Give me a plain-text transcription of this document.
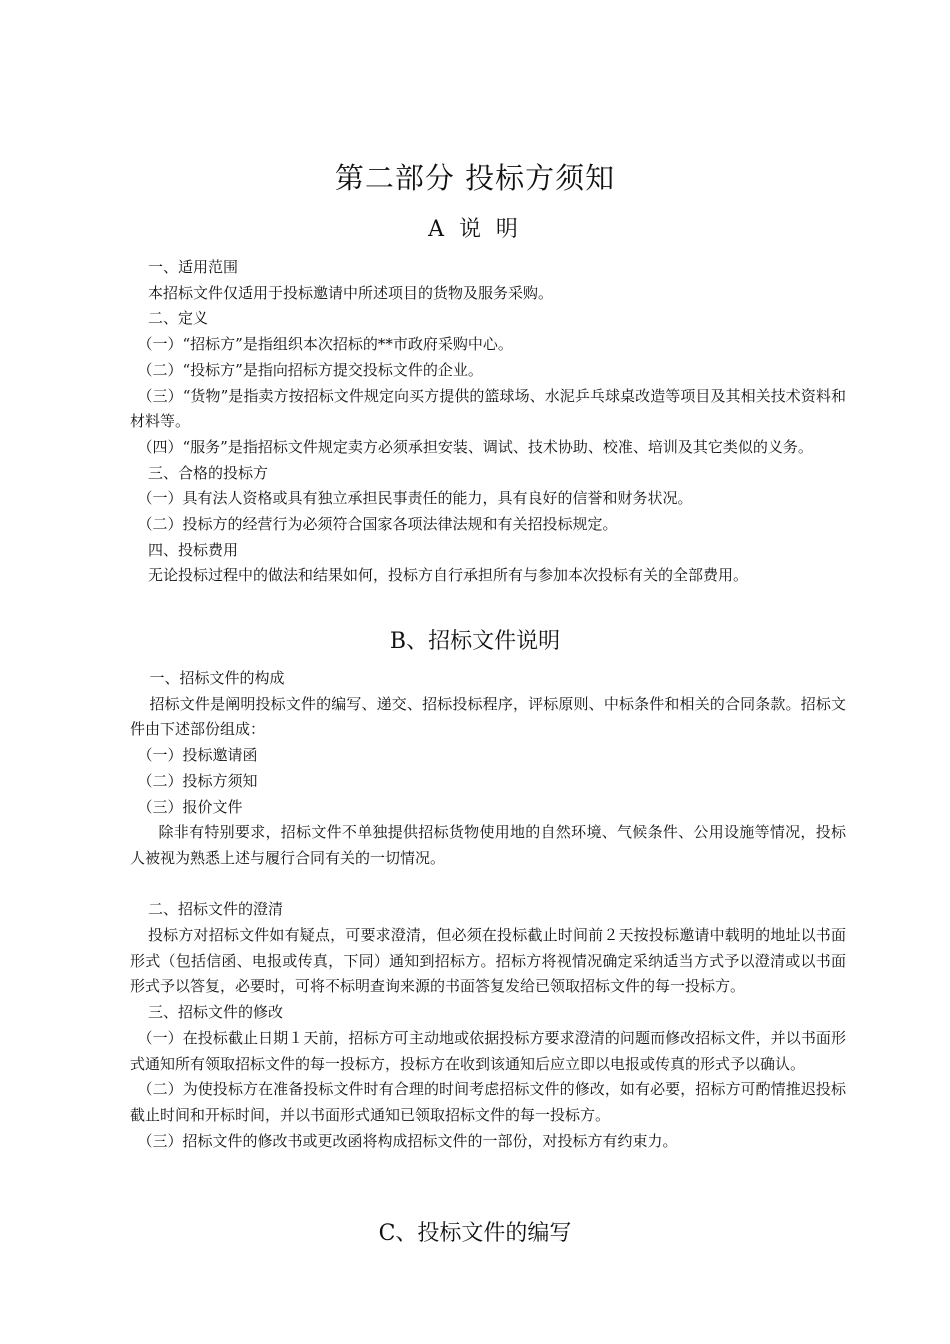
第二部分 投标方须知
A 说 明

一、适用范围

本招标文件仅适用于投标邀请中所述项目的货物及服务采购。

二、定义

（一）“招标方”是指组织本次招标的**市政府采购中心。

（二）“投标方”是指向招标方提交投标文件的企业。

（三）“货物”是指卖方按招标文件规定向买方提供的篮球场、水泥乒乓球桌改造等项目及其相关技术资料和材料等。

（四）“服务”是指招标文件规定卖方必须承担安装、调试、技术协助、校准、培训及其它类似的义务。

三、合格的投标方

（一）具有法人资格或具有独立承担民事责任的能力，具有良好的信誉和财务状况。

（二）投标方的经营行为必须符合国家各项法律法规和有关招投标规定。

四、投标费用

无论投标过程中的做法和结果如何，投标方自行承担所有与参加本次投标有关的全部费用。

B、招标文件说明

一、招标文件的构成

招标文件是阐明投标文件的编写、递交、招标投标程序，评标原则、中标条件和相关的合同条款。招标文件由下述部份组成：

（一）投标邀请函

（二）投标方须知

（三）报价文件

除非有特别要求，招标文件不单独提供招标货物使用地的自然环境、气候条件、公用设施等情况，投标人被视为熟悉上述与履行合同有关的一切情况。

二、招标文件的澄清

投标方对招标文件如有疑点，可要求澄清，但必须在投标截止时间前２天按投标邀请中载明的地址以书面形式（包括信函、电报或传真，下同）通知到招标方。招标方将视情况确定采纳适当方式予以澄清或以书面形式予以答复，必要时，可将不标明查询来源的书面答复发给已领取招标文件的每一投标方。

三、招标文件的修改

（一）在投标截止日期１天前，招标方可主动地或依据投标方要求澄清的问题而修改招标文件，并以书面形式通知所有领取招标文件的每一投标方，投标方在收到该通知后应立即以电报或传真的形式予以确认。

（二）为使投标方在准备投标文件时有合理的时间考虑招标文件的修改，如有必要，招标方可酌情推迟投标截止时间和开标时间，并以书面形式通知已领取招标文件的每一投标方。

（三）招标文件的修改书或更改函将构成招标文件的一部份，对投标方有约束力。

C、投标文件的编写
